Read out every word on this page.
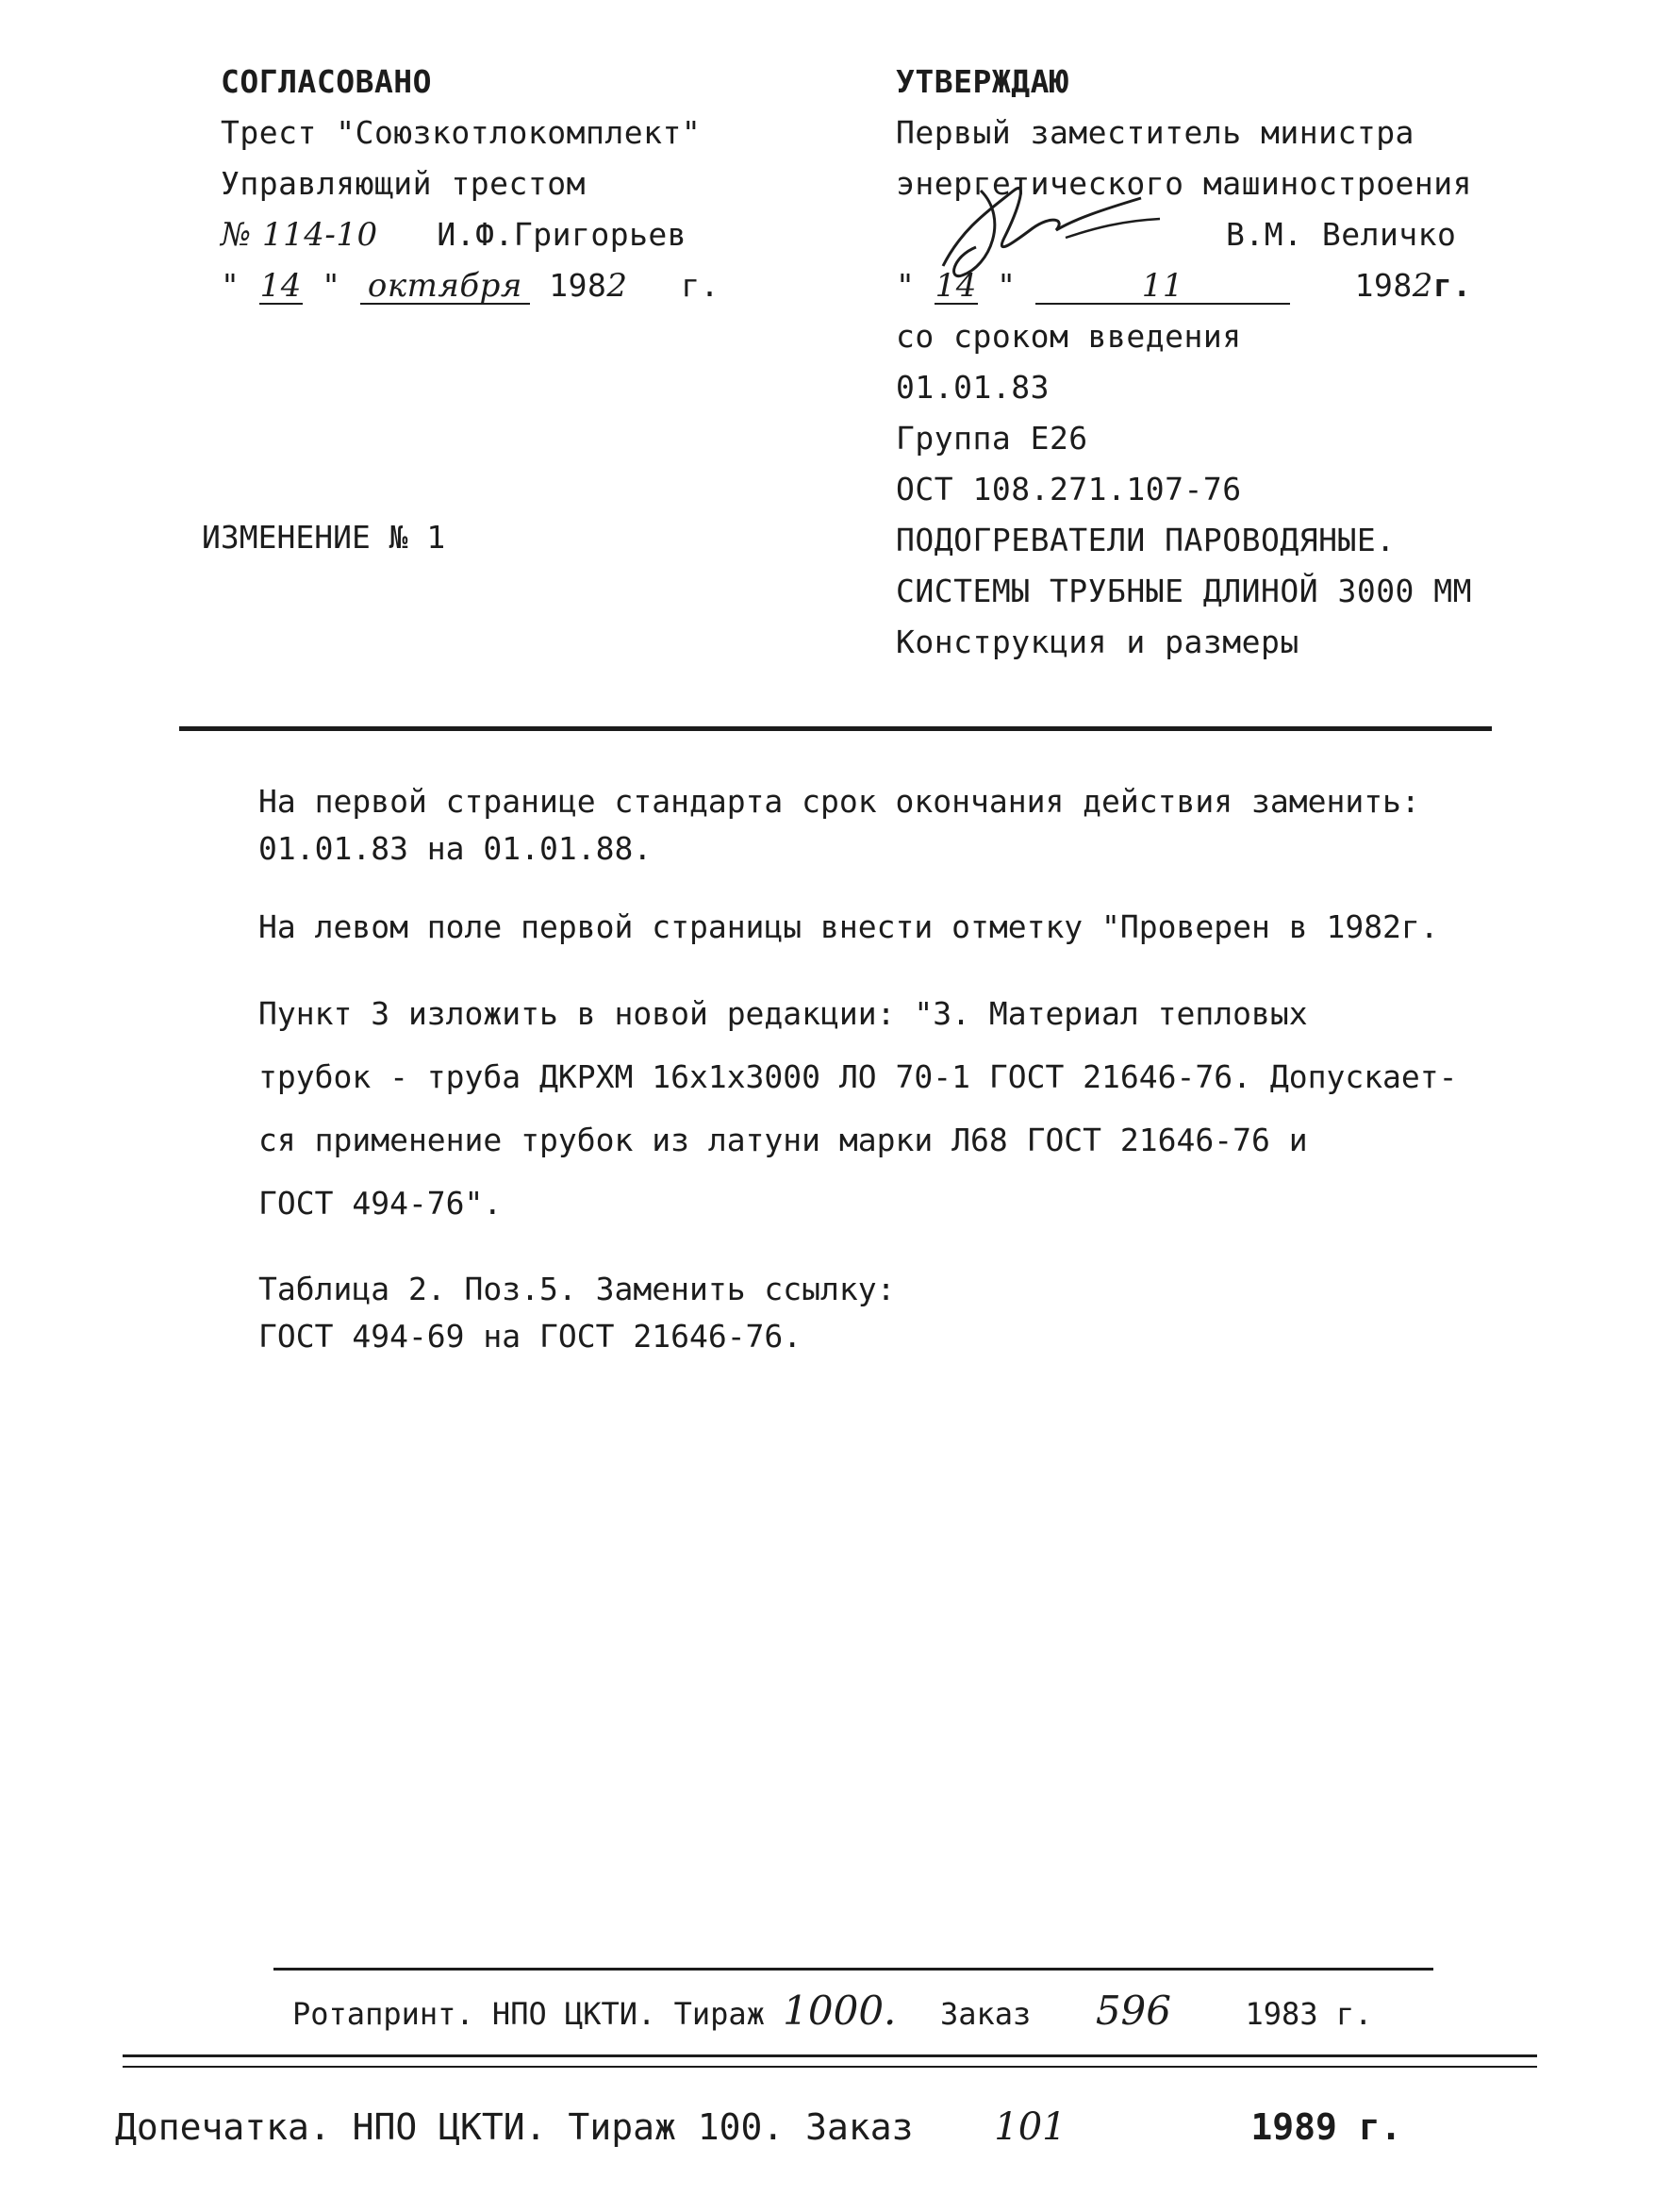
СОГЛАСОВАНО
Трест "Союзкотлокомплект"
Управляющий трестом
№ 114-10 И.Ф.Григорьев
" 14 " октября 1982 г.
УТВЕРЖДАЮ
Первый заместитель министра
энергетического машиностроения
В.М. Величко
" 14 "	11	1982г.
со сроком введения
01.01.83
Группа Е26
ОСТ 108.271.107-76
ПОДОГРЕВАТЕЛИ ПАРОВОДЯНЫЕ.
СИСТЕМЫ ТРУБНЫЕ ДЛИНОЙ 3000 ММ
Конструкция и размеры
ИЗМЕНЕНИЕ № 1
На первой странице стандарта срок окончания действия заменить:
01.01.83 на 01.01.88.
На левом поле первой страницы внести отметку "Проверен в 1982г.
Пункт 3 изложить в новой редакции: "3. Материал тепловых
трубок - труба ДКРХМ 16х1х3000 ЛО 70-1 ГОСТ 21646-76. Допускает-
ся применение трубок из латуни марки Л68 ГОСТ 21646-76 и
ГОСТ 494-76".
Таблица 2. Поз.5. Заменить ссылку:
ГОСТ 494-69 на ГОСТ 21646-76.
Ротапринт. НПО ЦКТИ. Тираж 1000. Заказ 596 1983 г.
Допечатка. НПО ЦКТИ. Тираж 100. Заказ 101	1989 г.
